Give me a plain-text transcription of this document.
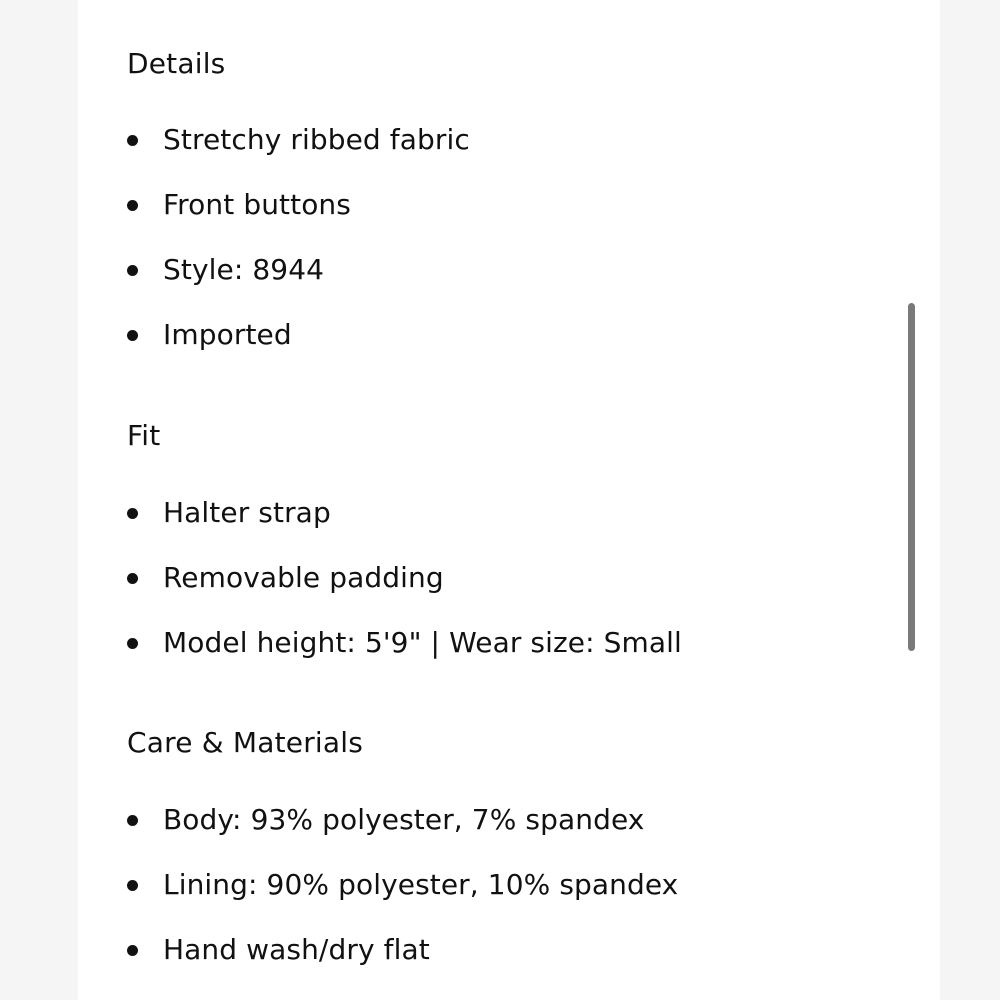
Details
Stretchy ribbed fabric
Front buttons
Style: 8944
Imported
Fit
Halter strap
Removable padding
Model height: 5'9" | Wear size: Small
Care & Materials
Body: 93% polyester, 7% spandex
Lining: 90% polyester, 10% spandex
Hand wash/dry flat
